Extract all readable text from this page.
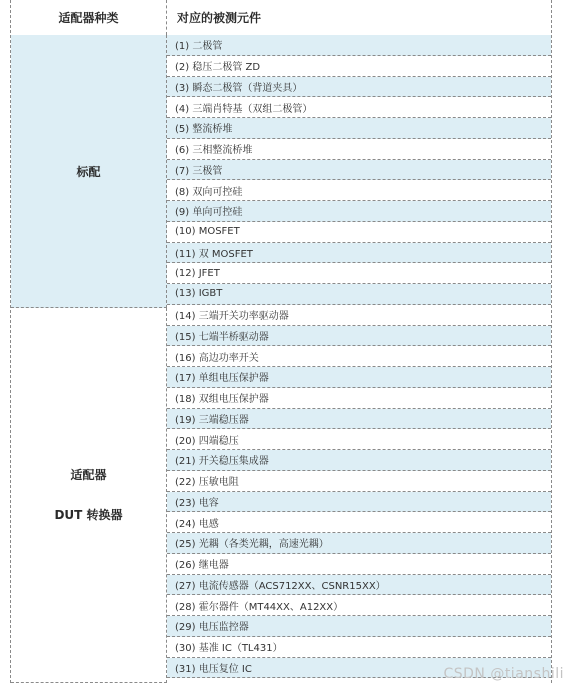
适配器种类	对应的被测元件
标配
适配器
DUT 转换器
(1) 二极管
(2) 稳压二极管 ZD
(3) 瞬态二极管（背道夹具）
(4) 三端肖特基（双组二极管）
(5) 整流桥堆
(6) 三相整流桥堆
(7) 三极管
(8) 双向可控硅
(9) 单向可控硅
(10) MOSFET
(11) 双 MOSFET
(12) JFET
(13) IGBT
(14) 三端开关功率驱动器
(15) 七端半桥驱动器
(16) 高边功率开关
(17) 单组电压保护器
(18) 双组电压保护器
(19) 三端稳压器
(20) 四端稳压
(21) 开关稳压集成器
(22) 压敏电阻
(23) 电容
(24) 电感
(25) 光耦（各类光耦，高速光耦）
(26) 继电器
(27) 电流传感器（ACS712XX、CSNR15XX）
(28) 霍尔器件（MT44XX、A12XX）
(29) 电压监控器
(30) 基准 IC（TL431）
(31) 电压复位 IC	CSDN @tianshili
